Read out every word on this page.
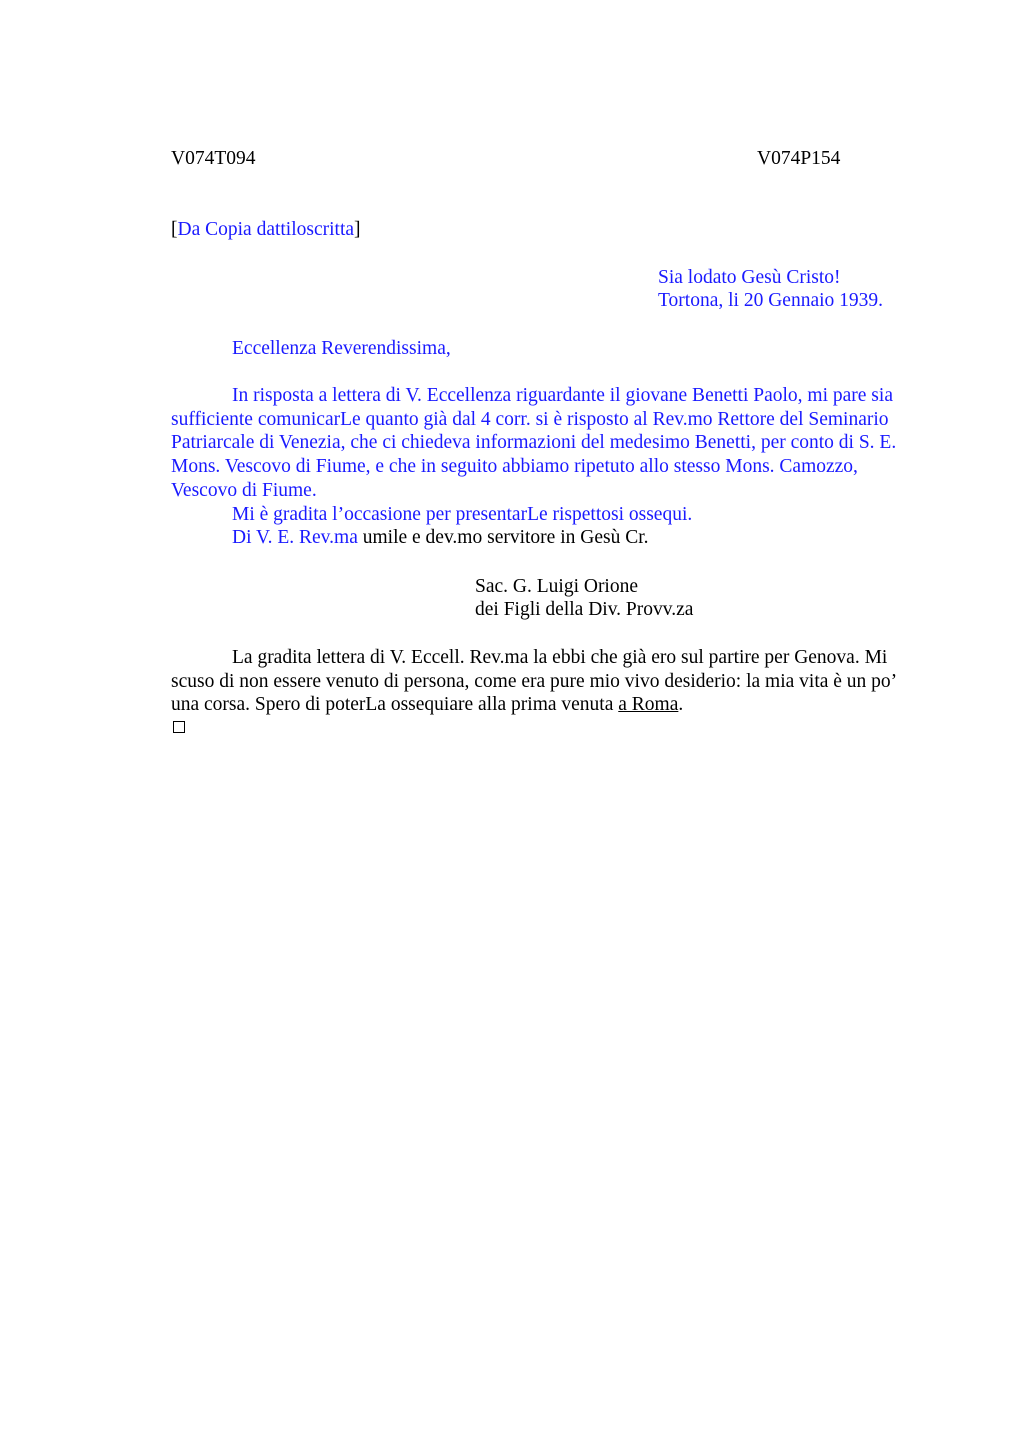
V074T094	V074P154
[Da Copia dattiloscritta]
Sia lodato Gesù Cristo!
Tortona, li 20 Gennaio 1939.
Eccellenza Reverendissima,

In risposta a lettera di V. Eccellenza riguardante il giovane Benetti Paolo, mi pare sia sufficiente comunicarLe quanto già dal 4 corr. si è risposto al Rev.mo Rettore del Seminario Patriarcale di Venezia, che ci chiedeva informazioni del medesimo Benetti, per conto di S. E. Mons. Vescovo di Fiume, e che in seguito abbiamo ripetuto allo stesso Mons. Camozzo, Vescovo di Fiume.

Mi è gradita l’occasione per presentarLe rispettosi ossequi.

Di V. E. Rev.ma umile e dev.mo servitore in Gesù Cr.

Sac. G. Luigi Orione
dei Figli della Div. Provv.za

La gradita lettera di V. Eccell. Rev.ma la ebbi che già ero sul partire per Genova. Mi scuso di non essere venuto di persona, come era pure mio vivo desiderio: la mia vita è un po’ una corsa. Spero di poterLa ossequiare alla prima venuta a Roma.
